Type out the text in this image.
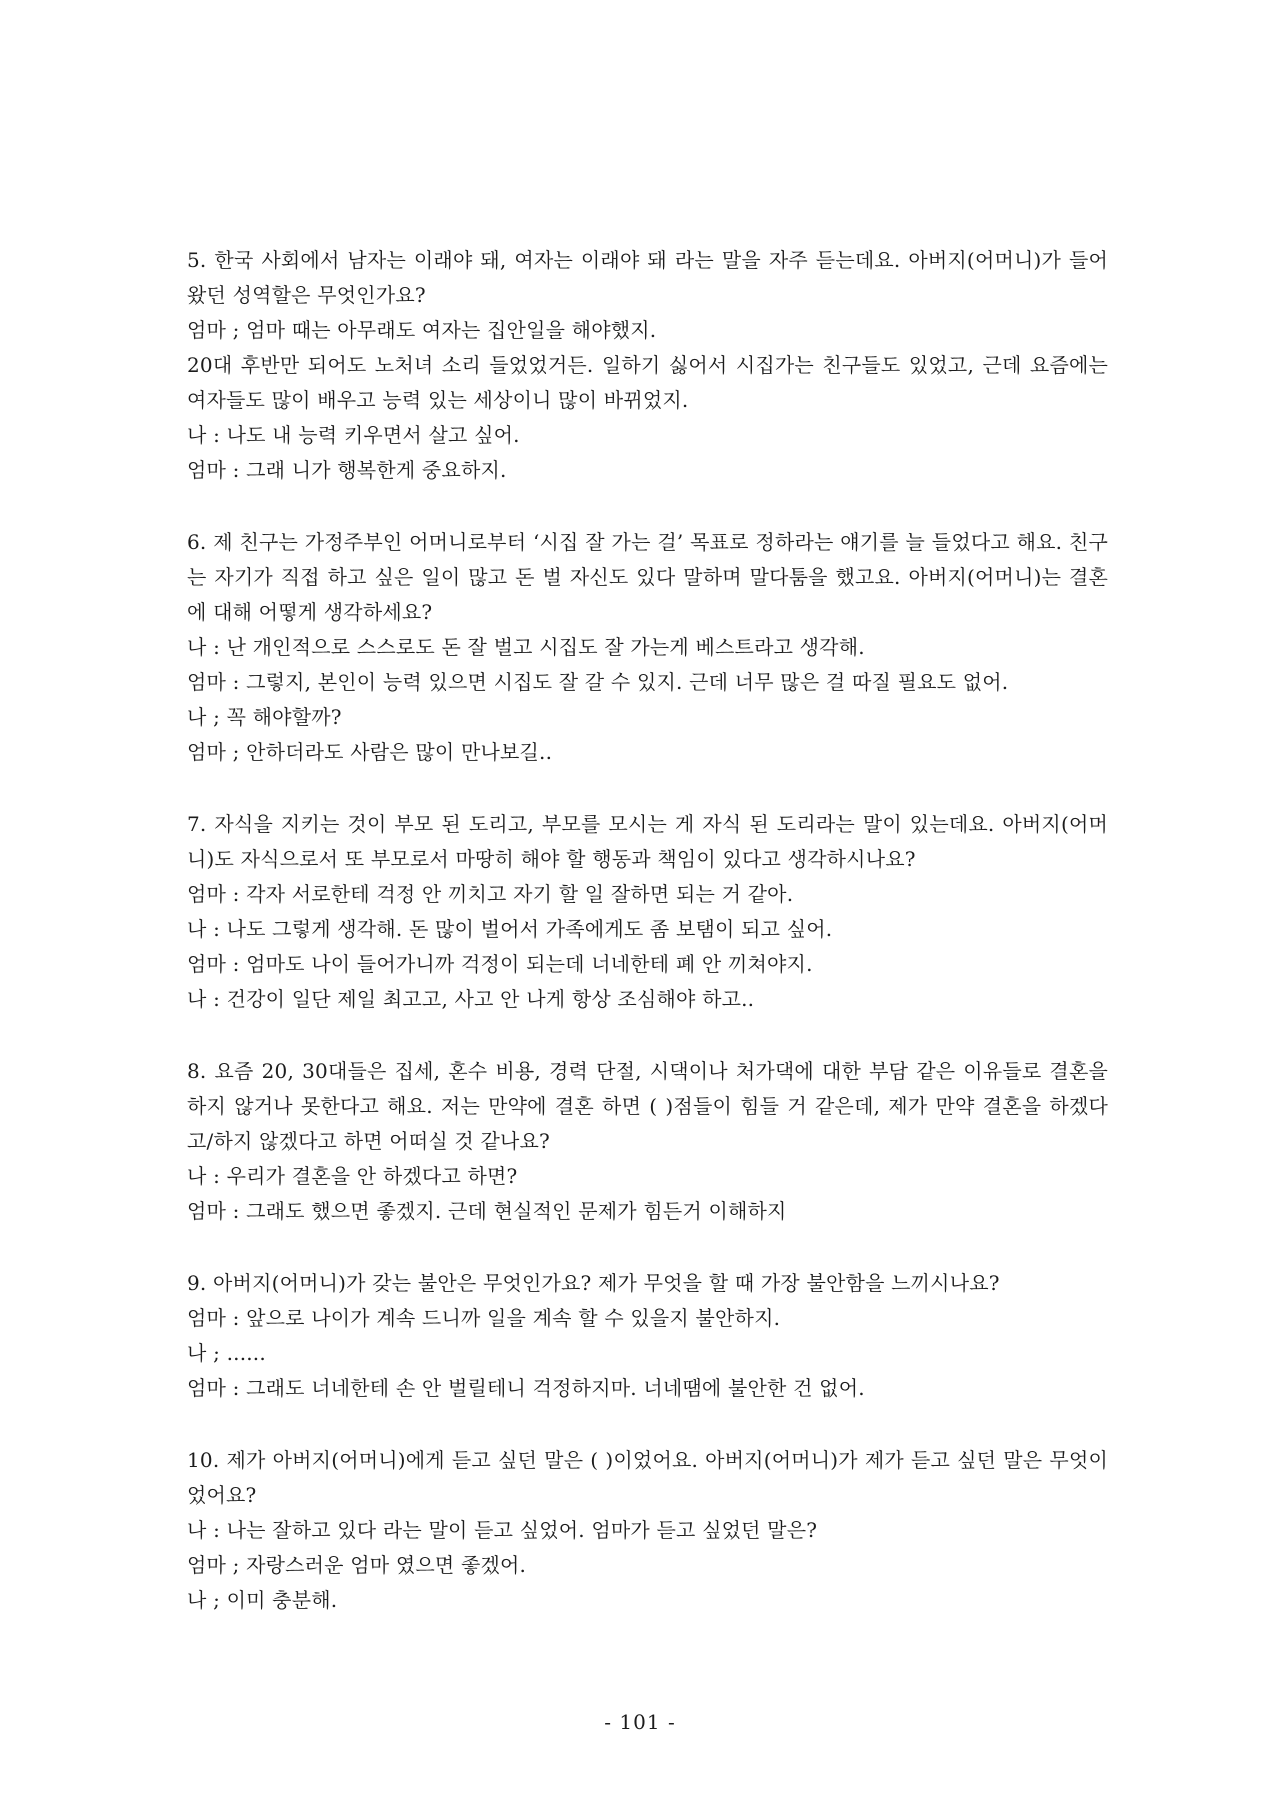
5. 한국 사회에서 남자는 이래야 돼, 여자는 이래야 돼 라는 말을 자주 듣는데요. 아버지(어머니)가 들어왔던 성역할은 무엇인가요?

엄마 ; 엄마 때는 아무래도 여자는 집안일을 해야했지.

20대 후반만 되어도 노처녀 소리 들었었거든. 일하기 싫어서 시집가는 친구들도 있었고, 근데 요즘에는 여자들도 많이 배우고 능력 있는 세상이니 많이 바뀌었지.

나 : 나도 내 능력 키우면서 살고 싶어.

엄마 : 그래 니가 행복한게 중요하지.

6. 제 친구는 가정주부인 어머니로부터 ‘시집 잘 가는 걸’ 목표로 정하라는 얘기를 늘 들었다고 해요. 친구는 자기가 직접 하고 싶은 일이 많고 돈 벌 자신도 있다 말하며 말다툼을 했고요. 아버지(어머니)는 결혼에 대해 어떻게 생각하세요?

나 : 난 개인적으로 스스로도 돈 잘 벌고 시집도 잘 가는게 베스트라고 생각해.

엄마 : 그렇지, 본인이 능력 있으면 시집도 잘 갈 수 있지. 근데 너무 많은 걸 따질 필요도 없어.

나 ; 꼭 해야할까?

엄마 ; 안하더라도 사람은 많이 만나보길..

7. 자식을 지키는 것이 부모 된 도리고, 부모를 모시는 게 자식 된 도리라는 말이 있는데요. 아버지(어머니)도 자식으로서 또 부모로서 마땅히 해야 할 행동과 책임이 있다고 생각하시나요?

엄마 : 각자 서로한테 걱정 안 끼치고 자기 할 일 잘하면 되는 거 같아.

나 : 나도 그렇게 생각해. 돈 많이 벌어서 가족에게도 좀 보탬이 되고 싶어.

엄마 : 엄마도 나이 들어가니까 걱정이 되는데 너네한테 폐 안 끼쳐야지.

나 : 건강이 일단 제일 최고고, 사고 안 나게 항상 조심해야 하고..

8. 요즘 20, 30대들은 집세, 혼수 비용, 경력 단절, 시댁이나 처가댁에 대한 부담 같은 이유들로 결혼을 하지 않거나 못한다고 해요. 저는 만약에 결혼 하면 ( )점들이 힘들 거 같은데, 제가 만약 결혼을 하겠다고/하지 않겠다고 하면 어떠실 것 같나요?

나 : 우리가 결혼을 안 하겠다고 하면?

엄마 : 그래도 했으면 좋겠지. 근데 현실적인 문제가 힘든거 이해하지

9. 아버지(어머니)가 갖는 불안은 무엇인가요? 제가 무엇을 할 때 가장 불안함을 느끼시나요?

엄마 : 앞으로 나이가 계속 드니까 일을 계속 할 수 있을지 불안하지.

나 ; ......

엄마 : 그래도 너네한테 손 안 벌릴테니 걱정하지마. 너네땜에 불안한 건 없어.

10. 제가 아버지(어머니)에게 듣고 싶던 말은 ( )이었어요. 아버지(어머니)가 제가 듣고 싶던 말은 무엇이었어요?

나 : 나는 잘하고 있다 라는 말이 듣고 싶었어. 엄마가 듣고 싶었던 말은?

엄마 ; 자랑스러운 엄마 였으면 좋겠어.

나 ; 이미 충분해.

- 101 -
